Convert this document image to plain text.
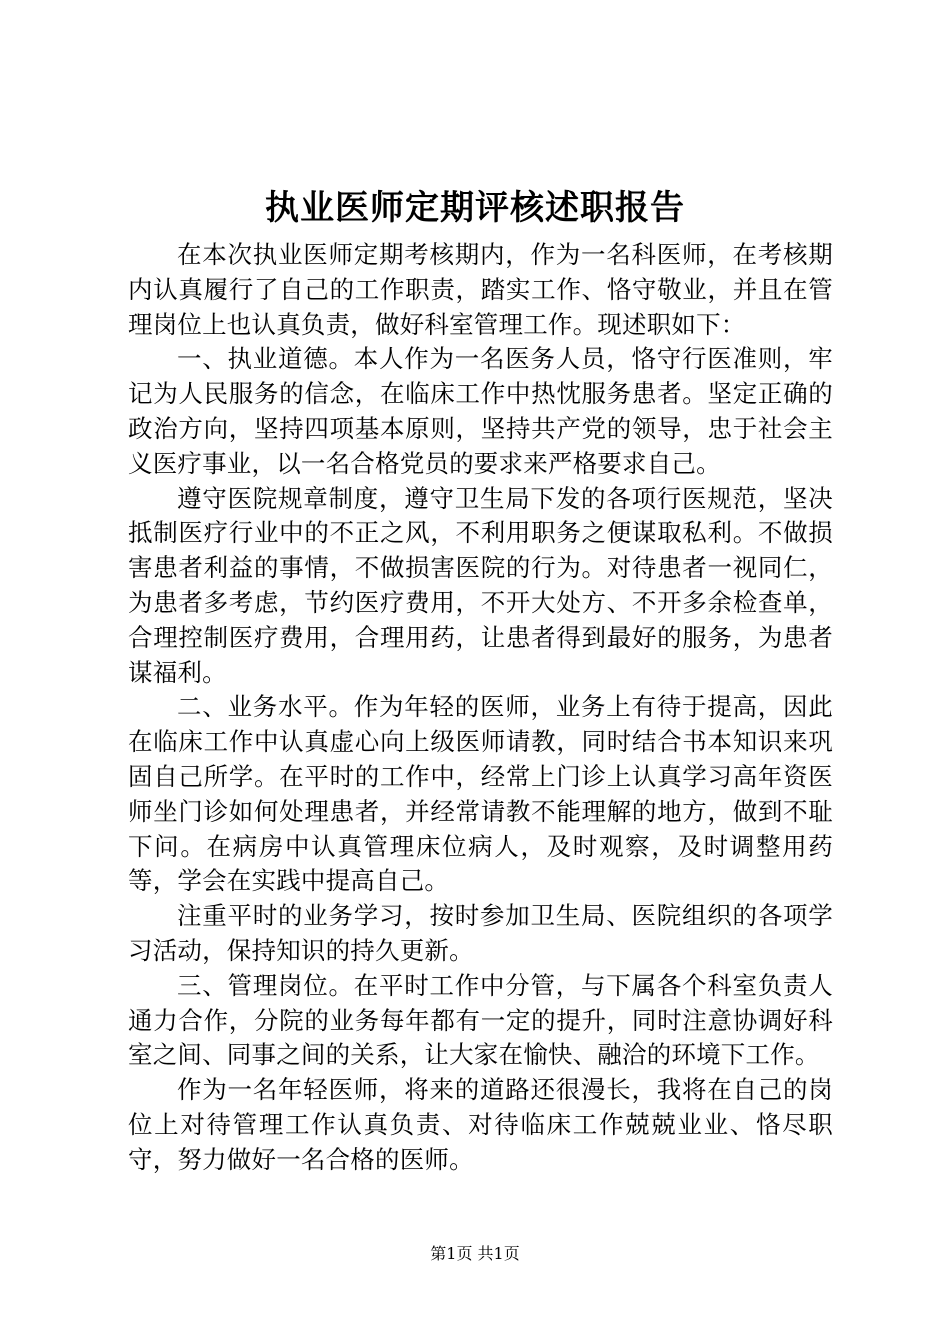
执业医师定期评核述职报告

在本次执业医师定期考核期内，作为一名科医师，在考核期内认真履行了自己的工作职责，踏实工作、恪守敬业，并且在管理岗位上也认真负责，做好科室管理工作。现述职如下：

一、执业道德。本人作为一名医务人员，恪守行医准则，牢记为人民服务的信念，在临床工作中热忱服务患者。坚定正确的政治方向，坚持四项基本原则，坚持共产党的领导，忠于社会主义医疗事业，以一名合格党员的要求来严格要求自己。

遵守医院规章制度，遵守卫生局下发的各项行医规范，坚决抵制医疗行业中的不正之风，不利用职务之便谋取私利。不做损害患者利益的事情，不做损害医院的行为。对待患者一视同仁，为患者多考虑，节约医疗费用，不开大处方、不开多余检查单，合理控制医疗费用，合理用药，让患者得到最好的服务，为患者谋福利。

二、业务水平。作为年轻的医师，业务上有待于提高，因此在临床工作中认真虚心向上级医师请教，同时结合书本知识来巩固自己所学。在平时的工作中，经常上门诊上认真学习高年资医师坐门诊如何处理患者，并经常请教不能理解的地方，做到不耻下问。在病房中认真管理床位病人，及时观察，及时调整用药等，学会在实践中提高自己。

注重平时的业务学习，按时参加卫生局、医院组织的各项学习活动，保持知识的持久更新。

三、管理岗位。在平时工作中分管，与下属各个科室负责人通力合作，分院的业务每年都有一定的提升，同时注意协调好科室之间、同事之间的关系，让大家在愉快、融洽的环境下工作。

作为一名年轻医师，将来的道路还很漫长，我将在自己的岗位上对待管理工作认真负责、对待临床工作兢兢业业、恪尽职守，努力做好一名合格的医师。

第1页 共1页
